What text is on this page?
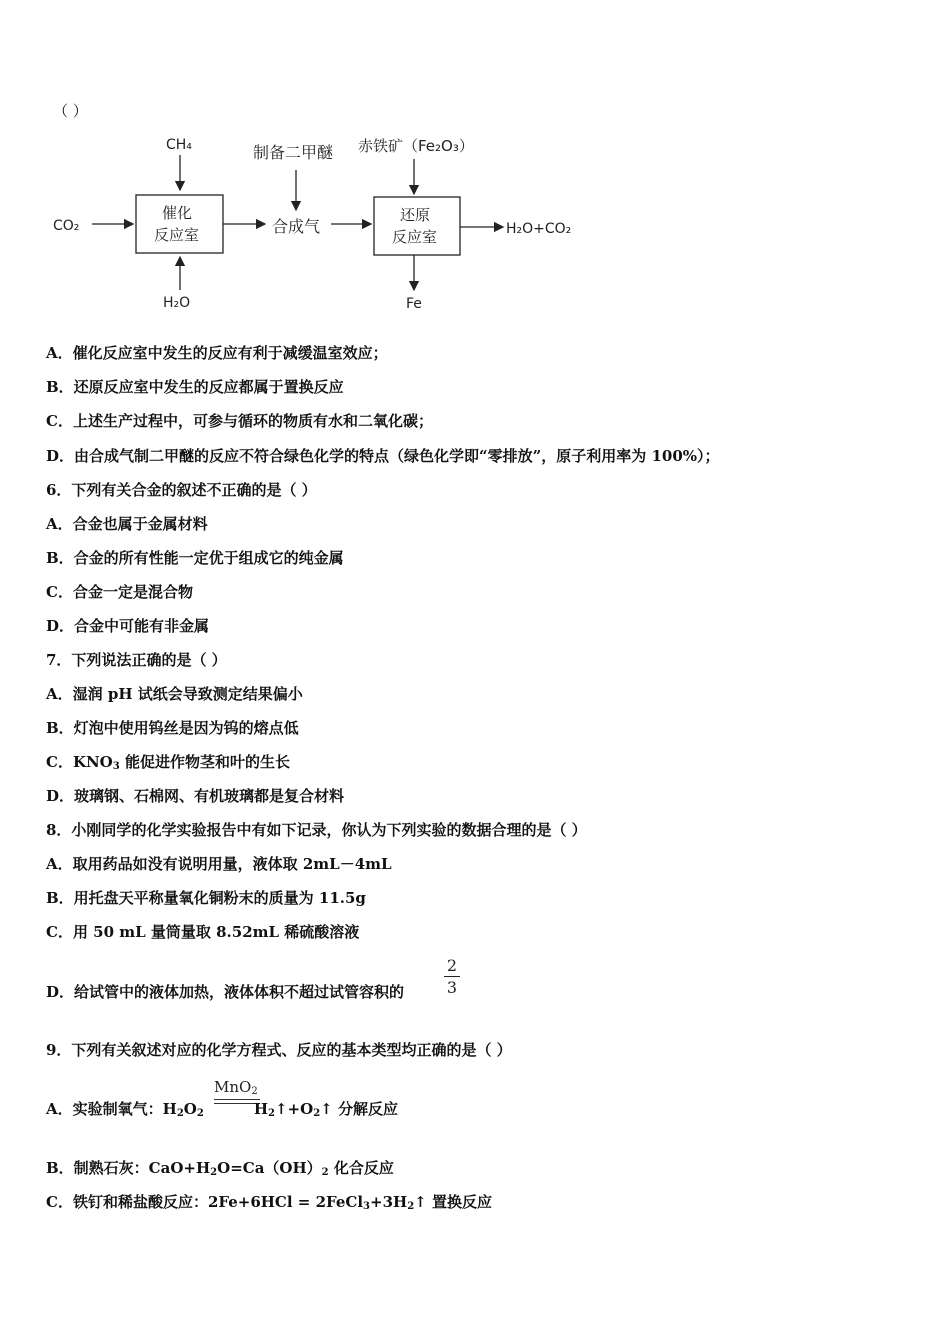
（ ）
CH₄
CO₂
催化
反应室
H₂O
制备二甲醚
合成气
赤铁矿（Fe₂O₃）
还原
反应室	H₂O+CO₂
Fe
A．催化反应室中发生的反应有利于减缓温室效应；
B．还原反应室中发生的反应都属于置换反应
C．上述生产过程中，可参与循环的物质有水和二氧化碳；
D．由合成气制二甲醚的反应不符合绿色化学的特点（绿色化学即“零排放”，原子利用率为 100%）；
6．下列有关合金的叙述不正确的是（ ）
A．合金也属于金属材料
B．合金的所有性能一定优于组成它的纯金属
C．合金一定是混合物
D．合金中可能有非金属
7．下列说法正确的是（ ）
A．湿润 pH 试纸会导致测定结果偏小
B．灯泡中使用钨丝是因为钨的熔点低
C．$KNO_3$ 能促进作物茎和叶的生长
D．玻璃钢、石棉网、有机玻璃都是复合材料
8．小刚同学的化学实验报告中有如下记录，你认为下列实验的数据合理的是（ ）
A．取用药品如没有说明用量，液体取 2mL－4mL
B．用托盘天平称量氧化铜粉末的质量为 11.5g
C．用 50 mL 量筒量取 8.52mL 稀硫酸溶液
D．给试管中的液体加热，液体体积不超过试管容积的
2
3
9．下列有关叙述对应的化学方程式、反应的基本类型均正确的是（ ）
MnO$_2$
A．实验制氧气：$H_2O_2$	$H_2↑+O_2↑$ 分解反应
B．制熟石灰：$CaO+H_2O=Ca(OH)_2$ 化合反应
C．铁钉和稀盐酸反应：$2Fe+6HCl = 2FeCl_3+3H_2↑$ 置换反应
